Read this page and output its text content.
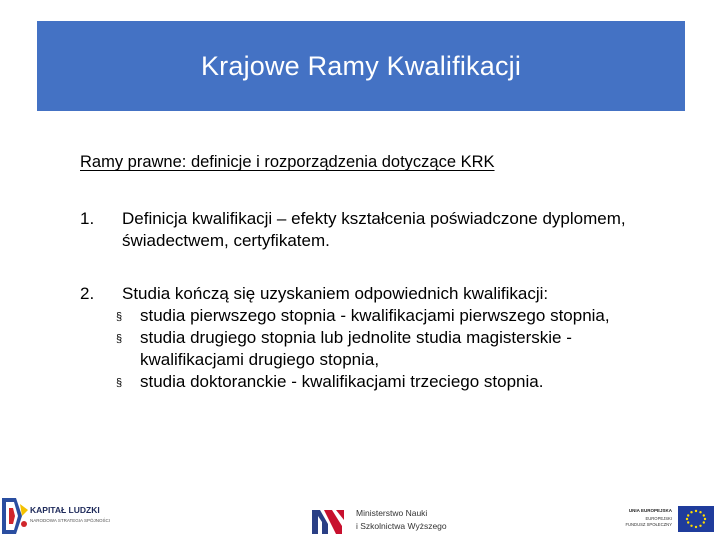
Krajowe Ramy Kwalifikacji
Ramy prawne: definicje i rozporządzenia dotyczące KRK
1.	Definicja kwalifikacji – efekty kształcenia poświadczone dyplomem, świadectwem, certyfikatem.
2.	Studia kończą się uzyskaniem odpowiednich kwalifikacji:
§ studia pierwszego stopnia - kwalifikacjami pierwszego stopnia,
§ studia drugiego stopnia lub jednolite studia magisterskie - kwalifikacjami drugiego stopnia,
§ studia doktoranckie - kwalifikacjami trzeciego stopnia.
KAPITAŁ LUDZKI
NARODOWA STRATEGIA SPÓJNOŚCI
Ministerstwo Nauki
i Szkolnictwa Wyższego
UNIA EUROPEJSKA
EUROPEJSKI
FUNDUSZ SPOŁECZNY
